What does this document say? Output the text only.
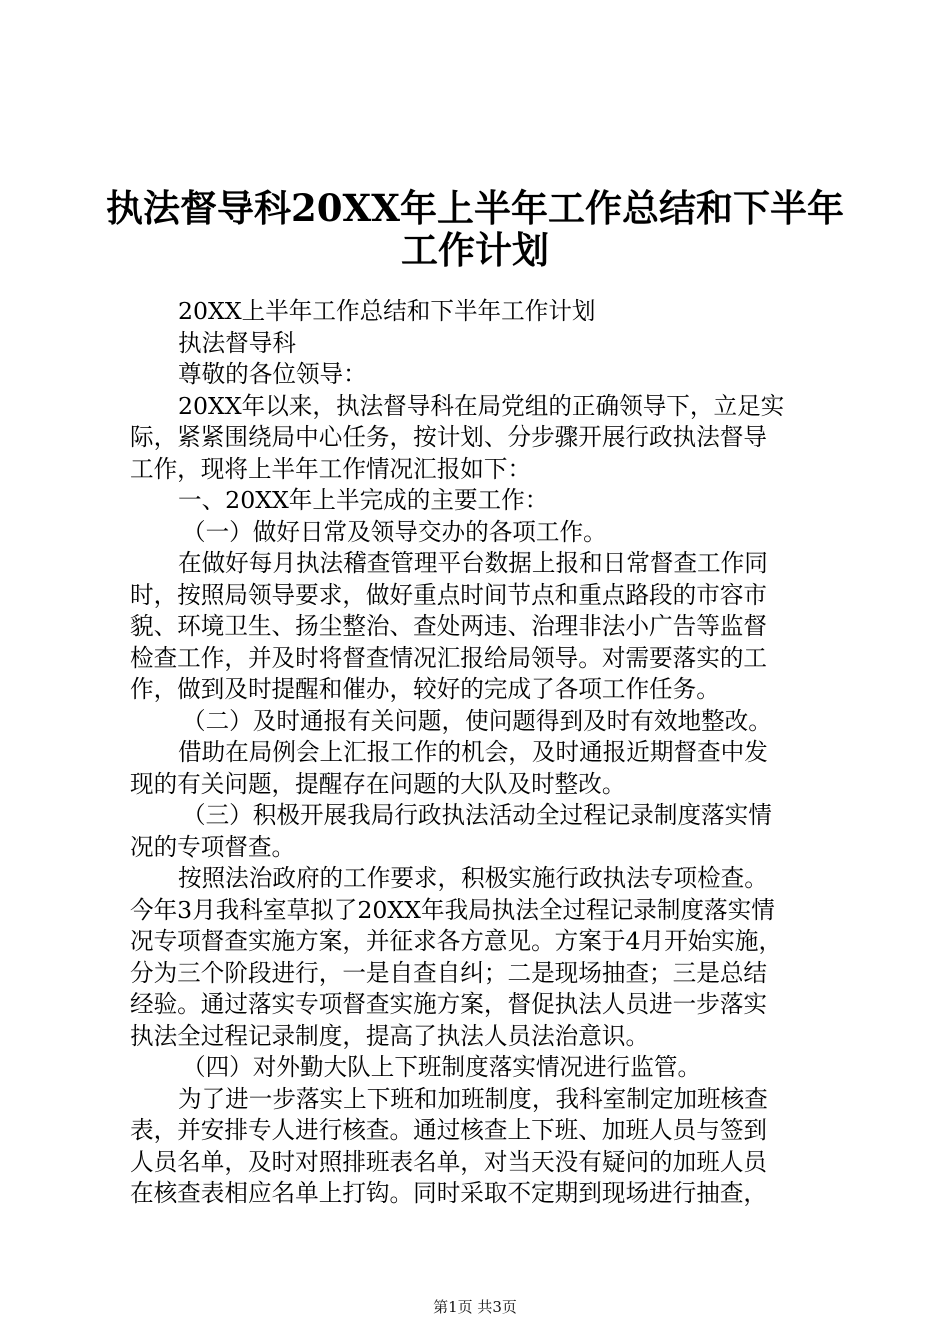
执法督导科20XX年上半年工作总结和下半年
工作计划
20XX上半年工作总结和下半年工作计划
执法督导科
尊敬的各位领导：
20XX年以来，执法督导科在局党组的正确领导下，立足实
际，紧紧围绕局中心任务，按计划、分步骤开展行政执法督导
工作，现将上半年工作情况汇报如下：
一、20XX年上半完成的主要工作：
（一）做好日常及领导交办的各项工作。
在做好每月执法稽查管理平台数据上报和日常督查工作同
时，按照局领导要求，做好重点时间节点和重点路段的市容市
貌、环境卫生、扬尘整治、查处两违、治理非法小广告等监督
检查工作，并及时将督查情况汇报给局领导。对需要落实的工
作，做到及时提醒和催办，较好的完成了各项工作任务。
（二）及时通报有关问题，使问题得到及时有效地整改。
借助在局例会上汇报工作的机会，及时通报近期督查中发
现的有关问题，提醒存在问题的大队及时整改。
（三）积极开展我局行政执法活动全过程记录制度落实情
况的专项督查。
按照法治政府的工作要求，积极实施行政执法专项检查。
今年3月我科室草拟了20XX年我局执法全过程记录制度落实情
况专项督查实施方案，并征求各方意见。方案于4月开始实施，
分为三个阶段进行，一是自查自纠；二是现场抽查；三是总结
经验。通过落实专项督查实施方案，督促执法人员进一步落实
执法全过程记录制度，提高了执法人员法治意识。
（四）对外勤大队上下班制度落实情况进行监管。
为了进一步落实上下班和加班制度，我科室制定加班核查
表，并安排专人进行核查。通过核查上下班、加班人员与签到
人员名单，及时对照排班表名单，对当天没有疑问的加班人员
在核查表相应名单上打钩。同时采取不定期到现场进行抽查，
第1页 共3页
